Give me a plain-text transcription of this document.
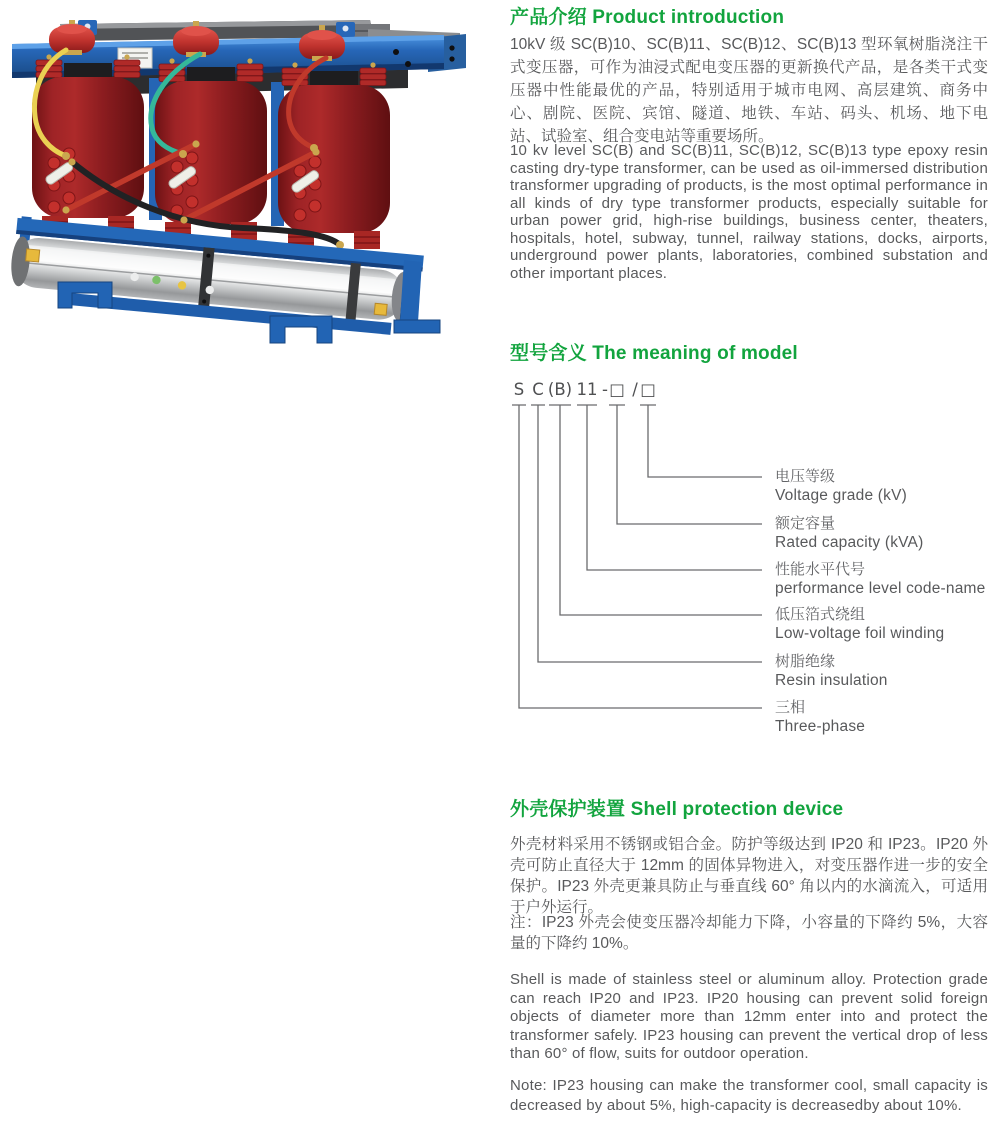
产品介绍 Product introduction

10kV 级 SC(B)10、SC(B)11、SC(B)12、SC(B)13 型环氧树脂浇注干式变压器，可作为油浸式配电变压器的更新换代产品，是各类干式变压器中性能最优的产品，特别适用于城市电网、高层建筑、商务中心、剧院、医院、宾馆、隧道、地铁、车站、码头、机场、地下电站、试验室、组合变电站等重要场所。

10 kv level SC(B) and SC(B)11, SC(B)12, SC(B)13 type epoxy resin casting dry-type transformer, can be used as oil-immersed distribution transformer upgrading of products, is the most optimal performance in all kinds of dry type transformer products, especially suitable for urban power grid, high-rise buildings, business center, theaters, hospitals, hotel, subway, tunnel, railway stations, docks, airports, underground power plants, laboratories, combined substation and other important places.

型号含义 The meaning of model
S C (B) 11 - □ / □
电压等级
Voltage grade (kV)
额定容量
Rated capacity (kVA)
性能水平代号
performance level code-name
低压箔式绕组
Low-voltage foil winding
树脂绝缘
Resin insulation
三相
Three-phase
外壳保护装置 Shell protection device

外壳材料采用不锈钢或铝合金。防护等级达到 IP20 和 IP23。IP20 外壳可防止直径大于 12mm 的固体异物进入，对变压器作进一步的安全保护。IP23 外壳更兼具防止与垂直线 60° 角以内的水滴流入，可适用于户外运行。

注：IP23 外壳会使变压器冷却能力下降，小容量的下降约 5%，大容量的下降约 10%。

Shell is made of stainless steel or aluminum alloy. Protection grade can reach IP20 and IP23. IP20 housing can prevent solid foreign objects of diameter more than 12mm enter into and protect the transformer safely. IP23 housing can prevent the vertical drop of less than 60° of flow, suits for outdoor operation.

Note: IP23 housing can make the transformer cool, small capacity is decreased by about 5%, high-capacity is decreasedby about 10%.
